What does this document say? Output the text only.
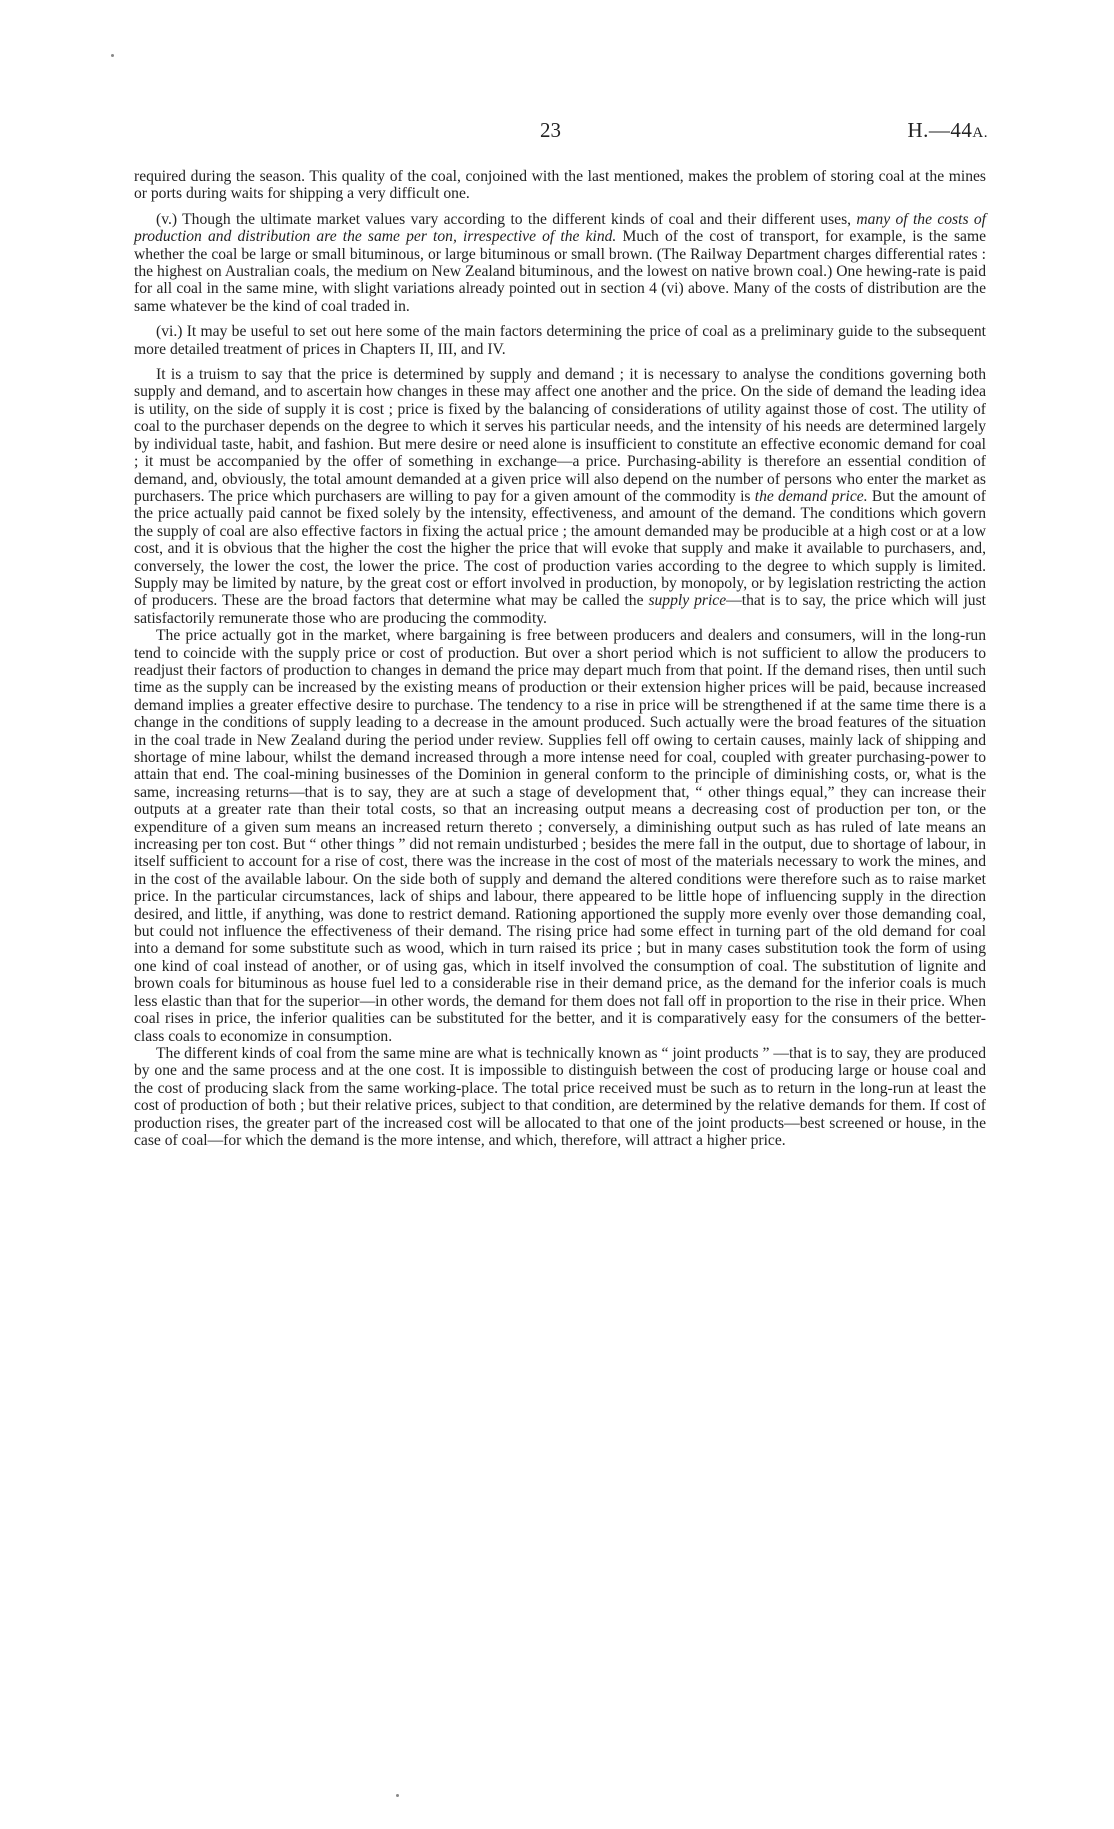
23	H.—44A.

required during the season. This quality of the coal, conjoined with the last mentioned, makes the problem of storing coal at the mines or ports during waits for shipping a very difficult one.

(v.) Though the ultimate market values vary according to the different kinds of coal and their different uses, many of the costs of production and distribution are the same per ton, irrespective of the kind. Much of the cost of transport, for example, is the same whether the coal be large or small bituminous, or large bituminous or small brown. (The Railway Department charges differential rates : the highest on Australian coals, the medium on New Zealand bituminous, and the lowest on native brown coal.) One hewing-rate is paid for all coal in the same mine, with slight variations already pointed out in section 4 (vi) above. Many of the costs of distribution are the same whatever be the kind of coal traded in.

(vi.) It may be useful to set out here some of the main factors determining the price of coal as a preliminary guide to the subsequent more detailed treatment of prices in Chapters II, III, and IV.

It is a truism to say that the price is determined by supply and demand ; it is necessary to analyse the conditions governing both supply and demand, and to ascertain how changes in these may affect one another and the price. On the side of demand the leading idea is utility, on the side of supply it is cost ; price is fixed by the balancing of considerations of utility against those of cost. The utility of coal to the purchaser depends on the degree to which it serves his particular needs, and the intensity of his needs are determined largely by individual taste, habit, and fashion. But mere desire or need alone is insufficient to constitute an effective economic demand for coal ; it must be accompanied by the offer of something in exchange—a price. Purchasing-ability is therefore an essential condition of demand, and, obviously, the total amount demanded at a given price will also depend on the number of persons who enter the market as purchasers. The price which purchasers are willing to pay for a given amount of the commodity is the demand price. But the amount of the price actually paid cannot be fixed solely by the intensity, effectiveness, and amount of the demand. The conditions which govern the supply of coal are also effective factors in fixing the actual price ; the amount demanded may be producible at a high cost or at a low cost, and it is obvious that the higher the cost the higher the price that will evoke that supply and make it available to purchasers, and, conversely, the lower the cost, the lower the price. The cost of production varies according to the degree to which supply is limited. Supply may be limited by nature, by the great cost or effort involved in production, by monopoly, or by legislation restricting the action of producers. These are the broad factors that determine what may be called the supply price—that is to say, the price which will just satisfactorily remunerate those who are producing the commodity.

The price actually got in the market, where bargaining is free between producers and dealers and consumers, will in the long-run tend to coincide with the supply price or cost of production. But over a short period which is not sufficient to allow the producers to readjust their factors of production to changes in demand the price may depart much from that point. If the demand rises, then until such time as the supply can be increased by the existing means of production or their extension higher prices will be paid, because increased demand implies a greater effective desire to purchase. The tendency to a rise in price will be strengthened if at the same time there is a change in the conditions of supply leading to a decrease in the amount produced. Such actually were the broad features of the situation in the coal trade in New Zealand during the period under review. Supplies fell off owing to certain causes, mainly lack of shipping and shortage of mine labour, whilst the demand increased through a more intense need for coal, coupled with greater purchasing-power to attain that end. The coal-mining businesses of the Dominion in general conform to the principle of diminishing costs, or, what is the same, increasing returns—that is to say, they are at such a stage of development that, “ other things equal,” they can increase their outputs at a greater rate than their total costs, so that an increasing output means a decreasing cost of production per ton, or the expenditure of a given sum means an increased return thereto ; conversely, a diminishing output such as has ruled of late means an increasing per ton cost. But “ other things ” did not remain undisturbed ; besides the mere fall in the output, due to shortage of labour, in itself sufficient to account for a rise of cost, there was the increase in the cost of most of the materials necessary to work the mines, and in the cost of the available labour. On the side both of supply and demand the altered conditions were therefore such as to raise market price. In the particular circumstances, lack of ships and labour, there appeared to be little hope of influencing supply in the direction desired, and little, if anything, was done to restrict demand. Rationing apportioned the supply more evenly over those demanding coal, but could not influence the effectiveness of their demand. The rising price had some effect in turning part of the old demand for coal into a demand for some substitute such as wood, which in turn raised its price ; but in many cases substitution took the form of using one kind of coal instead of another, or of using gas, which in itself involved the consumption of coal. The substitution of lignite and brown coals for bituminous as house fuel led to a considerable rise in their demand price, as the demand for the inferior coals is much less elastic than that for the superior—in other words, the demand for them does not fall off in proportion to the rise in their price. When coal rises in price, the inferior qualities can be substituted for the better, and it is comparatively easy for the consumers of the better-class coals to economize in consumption.

The different kinds of coal from the same mine are what is technically known as “ joint products ” —that is to say, they are produced by one and the same process and at the one cost. It is impossible to distinguish between the cost of producing large or house coal and the cost of producing slack from the same working-place. The total price received must be such as to return in the long-run at least the cost of production of both ; but their relative prices, subject to that condition, are determined by the relative demands for them. If cost of production rises, the greater part of the increased cost will be allocated to that one of the joint products—best screened or house, in the case of coal—for which the demand is the more intense, and which, therefore, will attract a higher price.
